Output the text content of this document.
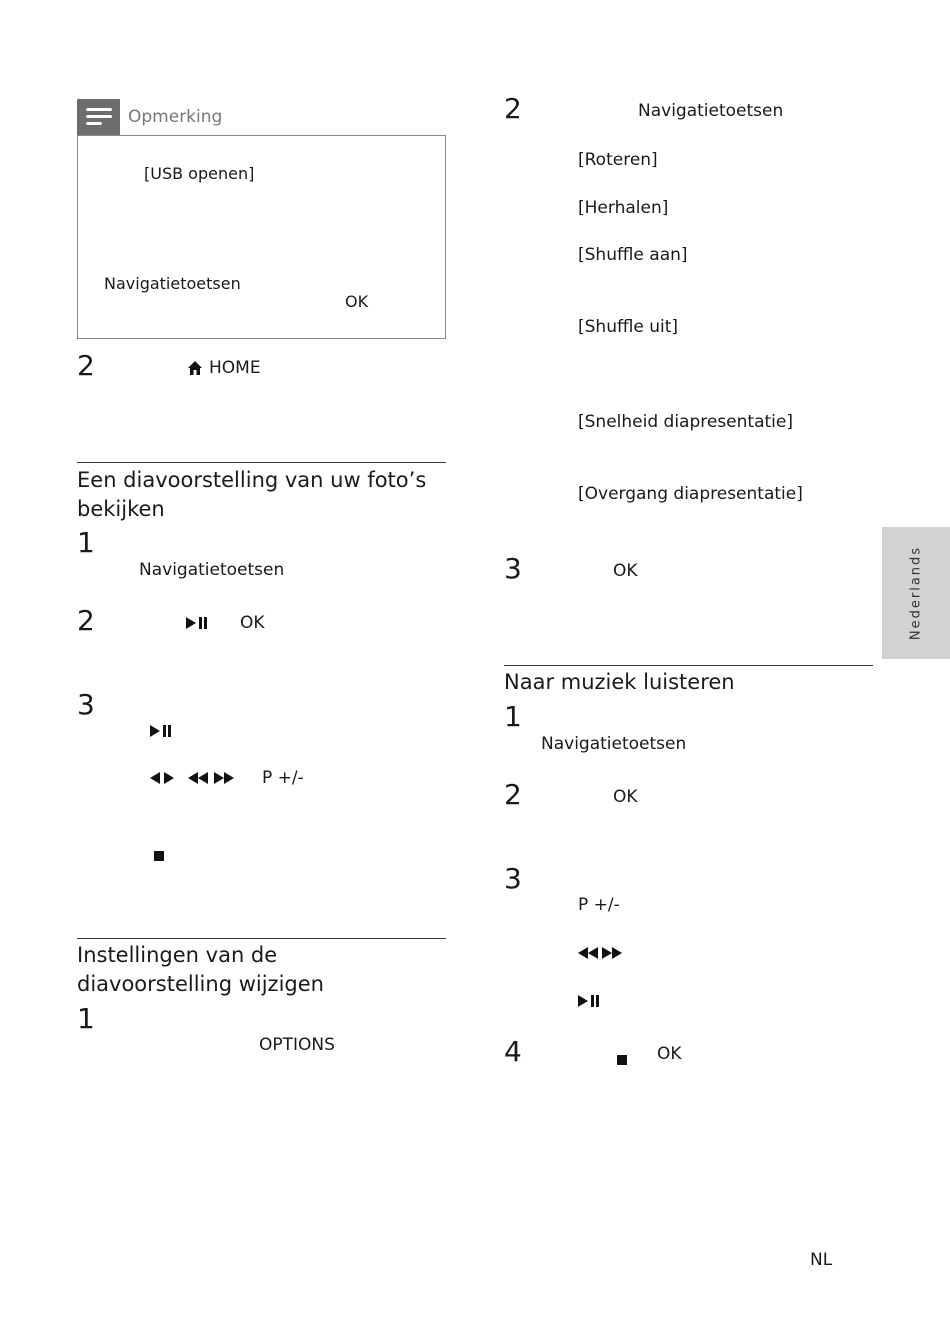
Opmerking
[USB openen]
Navigatietoetsen
OK
2	HOME
Een diavoorstelling van uw foto’s bekijken
1
Navigatietoetsen
2	OK
3
P +/-
Instellingen van de diavoorstelling wijzigen
1
OPTIONS
2	Navigatietoetsen
[Roteren]
[Herhalen]
[Shuffle aan]
[Shuffle uit]
[Snelheid diapresentatie]
[Overgang diapresentatie]
3	OK
Naar muziek luisteren
1
Navigatietoetsen
2	OK
3
P +/-
4	OK
Nederlands
NL
